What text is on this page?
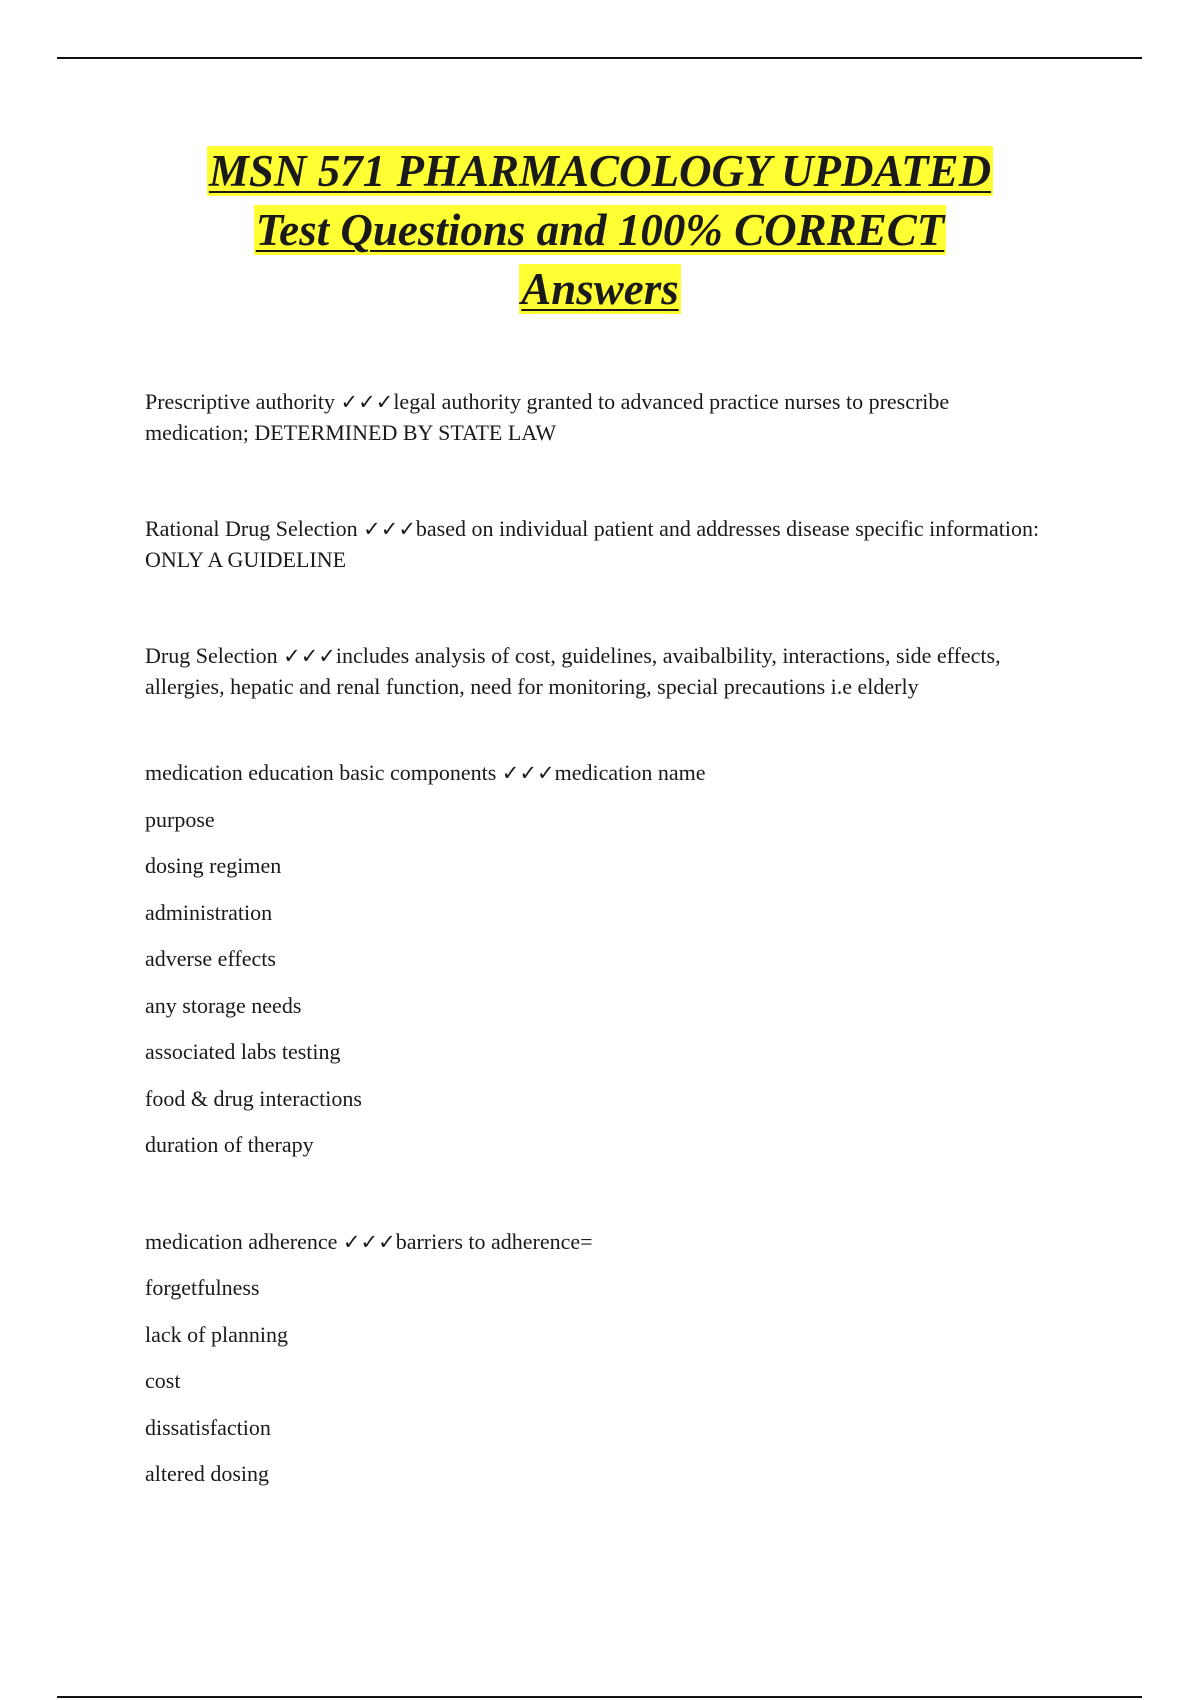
MSN 571 PHARMACOLOGY UPDATED
Test Questions and 100% CORRECT
Answers

Prescriptive authority ✓✓✓legal authority granted to advanced practice nurses to prescribe medication; DETERMINED BY STATE LAW

Rational Drug Selection ✓✓✓based on individual patient and addresses disease specific information: ONLY A GUIDELINE

Drug Selection ✓✓✓includes analysis of cost, guidelines, avaibalbility, interactions, side effects, allergies, hepatic and renal function, need for monitoring, special precautions i.e elderly

medication education basic components ✓✓✓medication name
purpose
dosing regimen
administration
adverse effects
any storage needs
associated labs testing
food & drug interactions
duration of therapy
medication adherence ✓✓✓barriers to adherence=
forgetfulness
lack of planning
cost
dissatisfaction
altered dosing
